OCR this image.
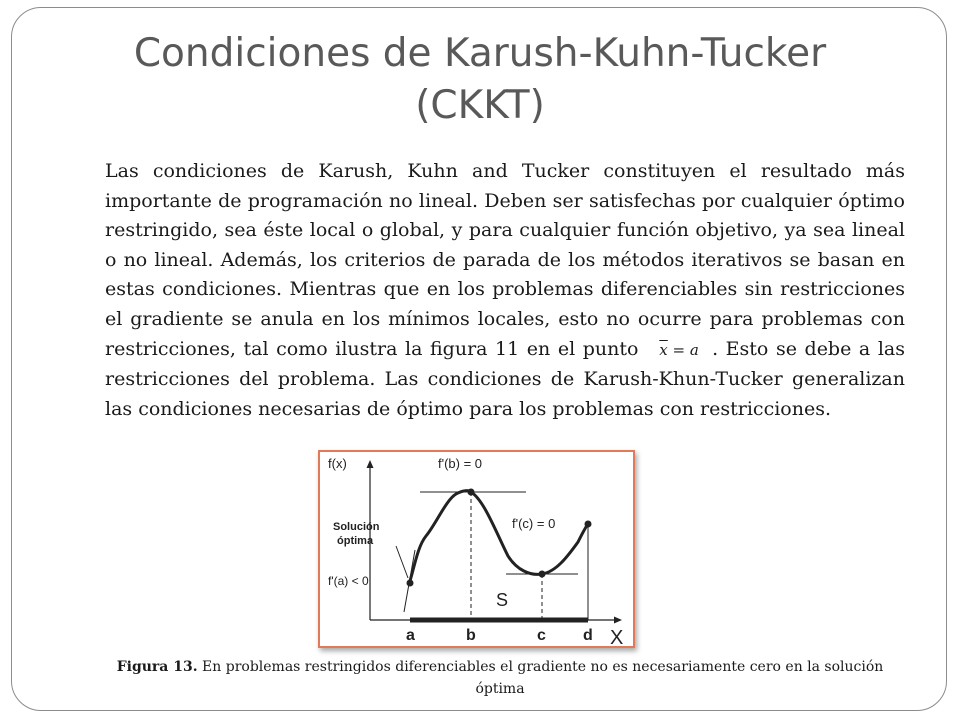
Condiciones de Karush-Kuhn-Tucker
(CKKT)

Las condiciones de Karush, Kuhn and Tucker constituyen el resultado más importante de programación no lineal. Deben ser satisfechas por cualquier óptimo restringido, sea éste local o global, y para cualquier función objetivo, ya sea lineal o no lineal. Además, los criterios de parada de los métodos iterativos se basan en estas condiciones. Mientras que en los problemas diferenciables sin restricciones el gradiente se anula en los mínimos locales, esto no ocurre para problemas con restricciones, tal como ilustra la figura 11 en el punto $\overline{x} = a$ . Esto se debe a las restricciones del problema. Las condiciones de Karush-Khun-Tucker generalizan las condiciones necesarias de óptimo para los problemas con restricciones.

f(x)
X
f'(b) = 0
f'(c) = 0
Solución
óptima
f'(a) < 0
S
a	b	c d

Figura 13. En problemas restringidos diferenciables el gradiente no es necesariamente cero en la solución óptima
